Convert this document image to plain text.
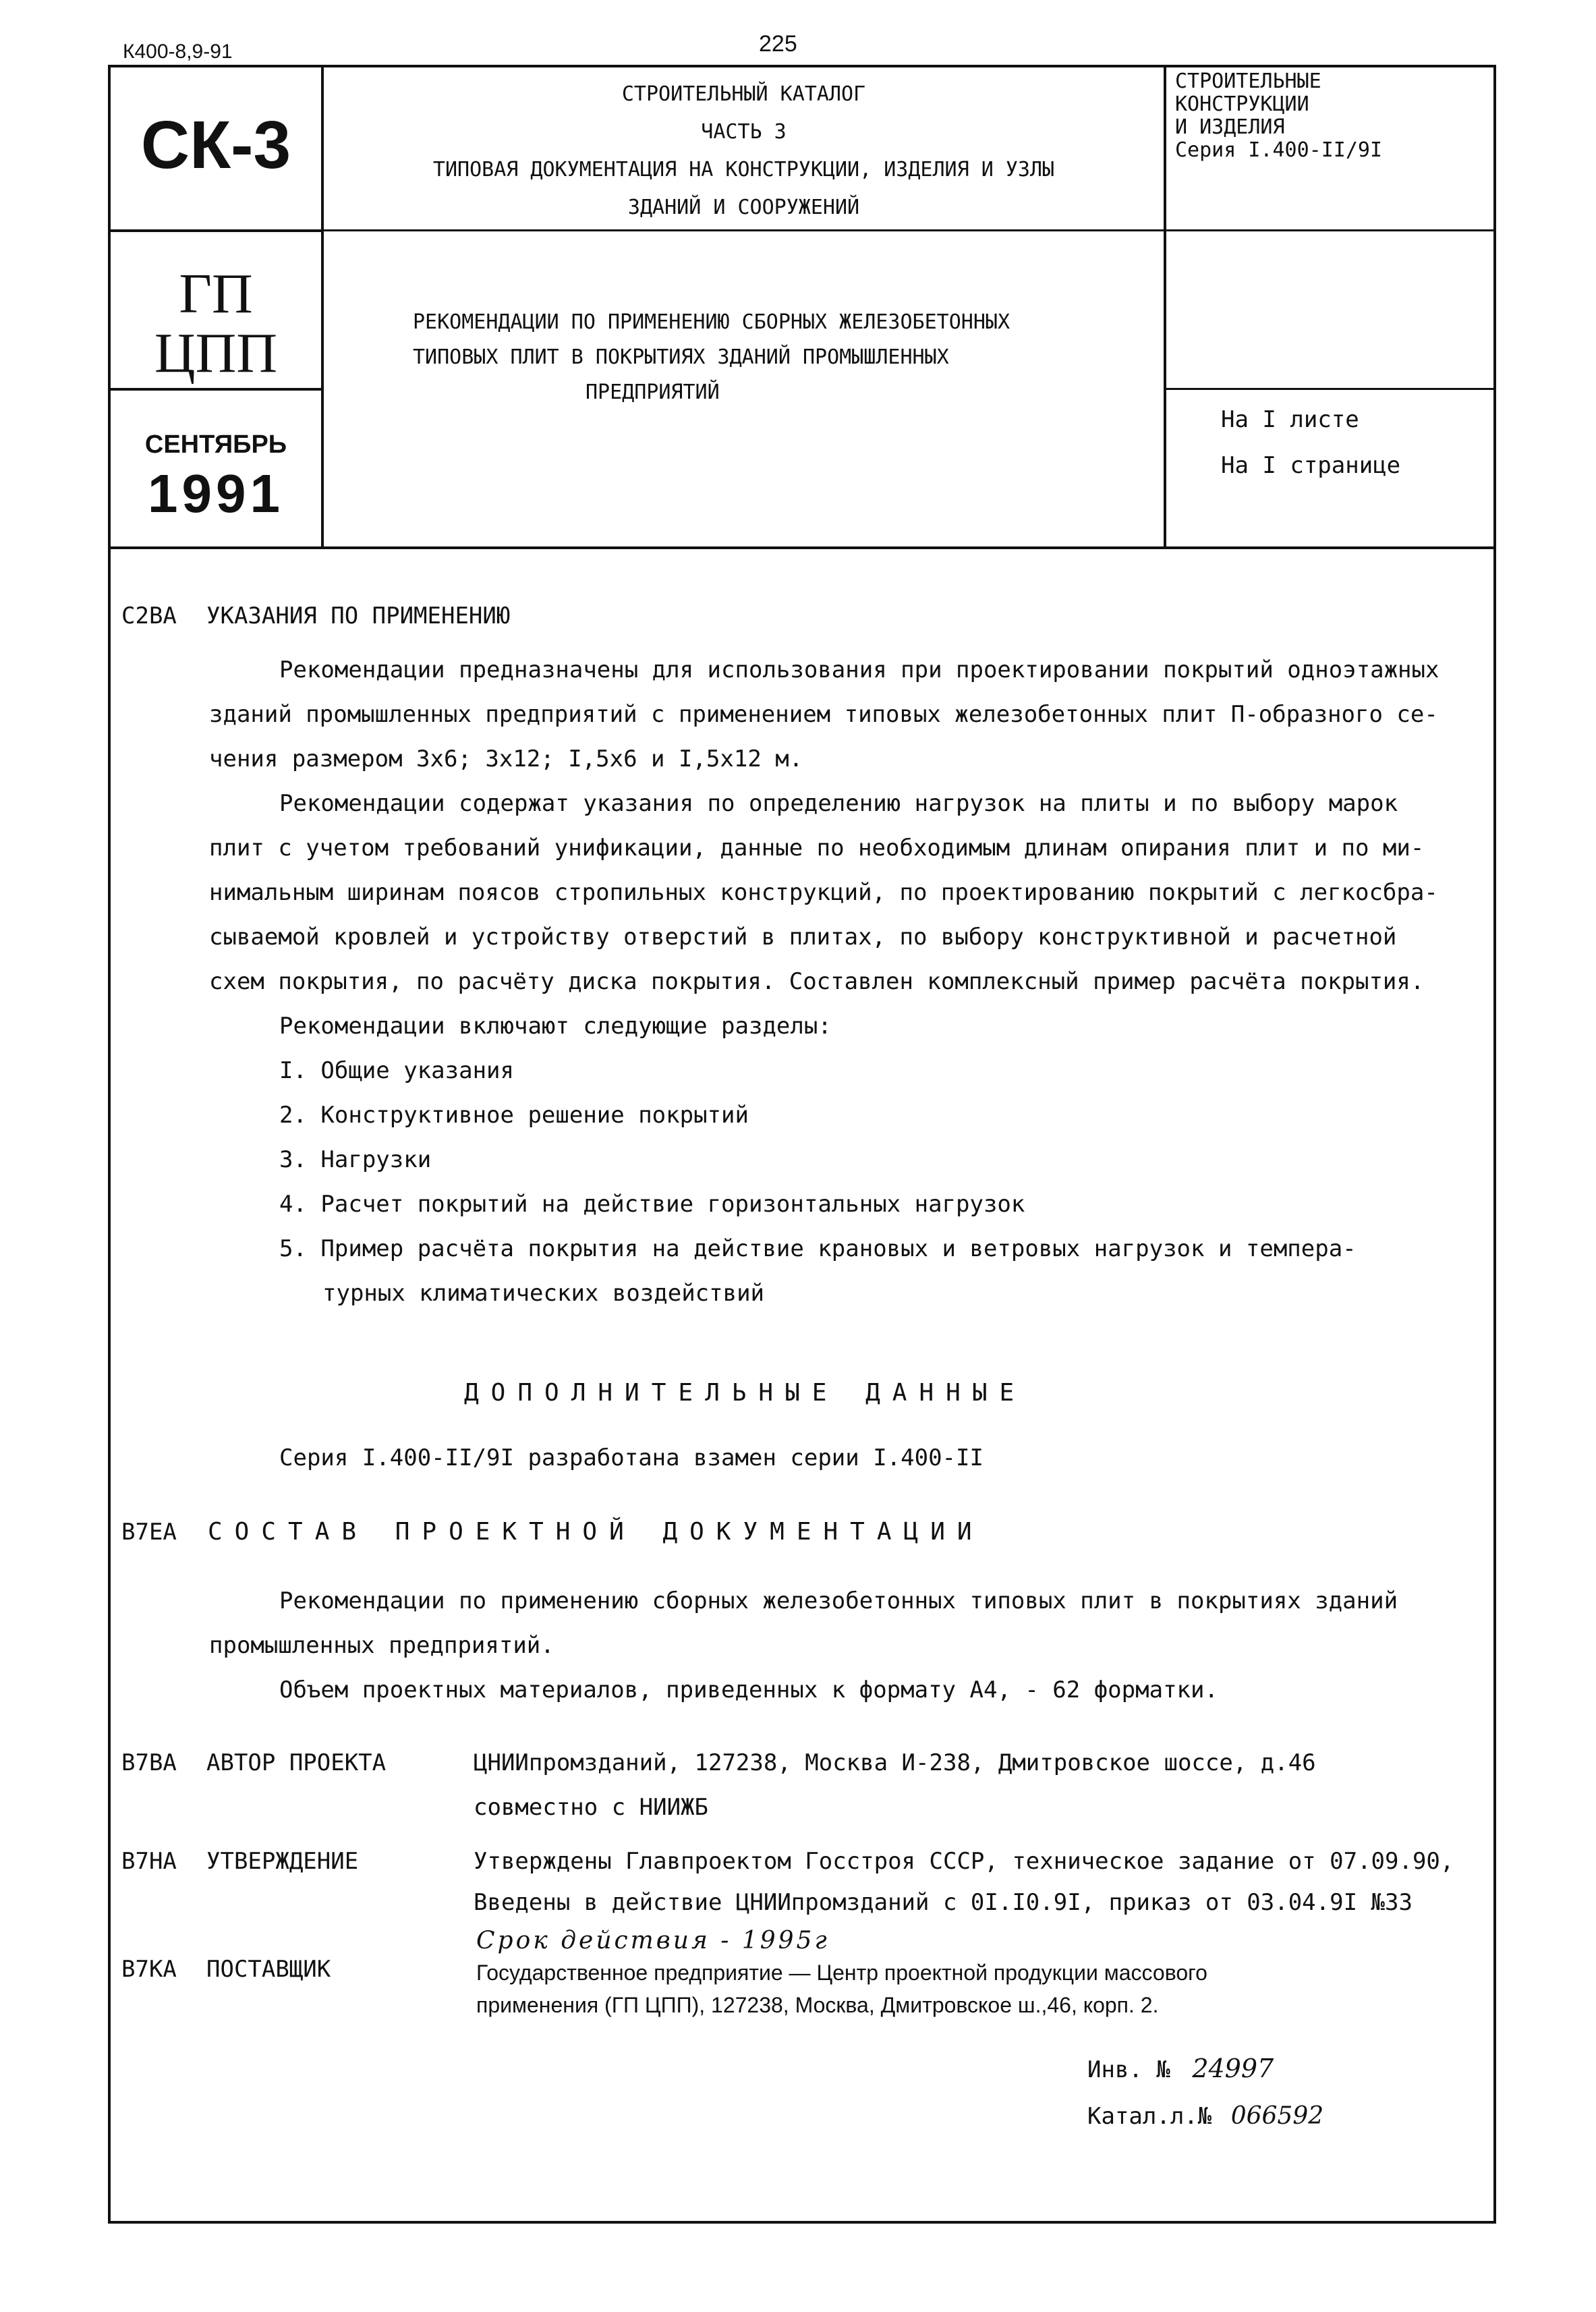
К400-8,9-91	225
СК-3
СТРОИТЕЛЬНЫЙ КАТАЛОГ
ЧАСТЬ 3
ТИПОВАЯ ДОКУМЕНТАЦИЯ НА КОНСТРУКЦИИ, ИЗДЕЛИЯ И УЗЛЫ
ЗДАНИЙ И СООРУЖЕНИЙ
СТРОИТЕЛЬНЫЕ
КОНСТРУКЦИИ
И ИЗДЕЛИЯ
Серия I.400-II/9I
ГП
ЦПП
СЕНТЯБРЬ
1991
РЕКОМЕНДАЦИИ ПО ПРИМЕНЕНИЮ СБОРНЫХ ЖЕЛЕЗОБЕТОННЫХ
ТИПОВЫХ ПЛИТ В ПОКРЫТИЯХ ЗДАНИЙ ПРОМЫШЛЕННЫХ
ПРЕДПРИЯТИЙ
На I листе
На I странице
С2ВА УКАЗАНИЯ ПО ПРИМЕНЕНИЮ
Рекомендации предназначены для использования при проектировании покрытий одноэтажных
зданий промышленных предприятий с применением типовых железобетонных плит П-образного се-
чения размером 3х6; 3х12; I,5х6 и I,5х12 м.
Рекомендации содержат указания по определению нагрузок на плиты и по выбору марок
плит с учетом требований унификации, данные по необходимым длинам опирания плит и по ми-
нимальным ширинам поясов стропильных конструкций, по проектированию покрытий с легкосбра-
сываемой кровлей и устройству отверстий в плитах, по выбору конструктивной и расчетной
схем покрытия, по расчёту диска покрытия. Составлен комплексный пример расчёта покрытия.
Рекомендации включают следующие разделы:
I. Общие указания
2. Конструктивное решение покрытий
3. Нагрузки
4. Расчет покрытий на действие горизонтальных нагрузок
5. Пример расчёта покрытия на действие крановых и ветровых нагрузок и темпера-
турных климатических воздействий
ДОПОЛНИТЕЛЬНЫЕ ДАННЫЕ
Серия I.400-II/9I разработана взамен серии I.400-II
В7ЕА СОСТАВ ПРОЕКТНОЙ ДОКУМЕНТАЦИИ
Рекомендации по применению сборных железобетонных типовых плит в покрытиях зданий
промышленных предприятий.
Объем проектных материалов, приведенных к формату А4, - 62 форматки.
В7ВА АВТОР ПРОЕКТА	ЦНИИпромзданий, 127238, Москва И-238, Дмитровское шоссе, д.46
совместно с НИИЖБ
В7НА УТВЕРЖДЕНИЕ	Утверждены Главпроектом Госстроя СССР, техническое задание от 07.09.90,
Введены в действие ЦНИИпромзданий с 0I.I0.9I, приказ от 03.04.9I №33
Срок действия - 1995г
В7КА ПОСТАВЩИК	Государственное предприятие — Центр проектной продукции массового
применения (ГП ЦПП), 127238, Москва, Дмитровское ш.,46, корп. 2.
Инв. № 24997
Катал.л.№ 066592
